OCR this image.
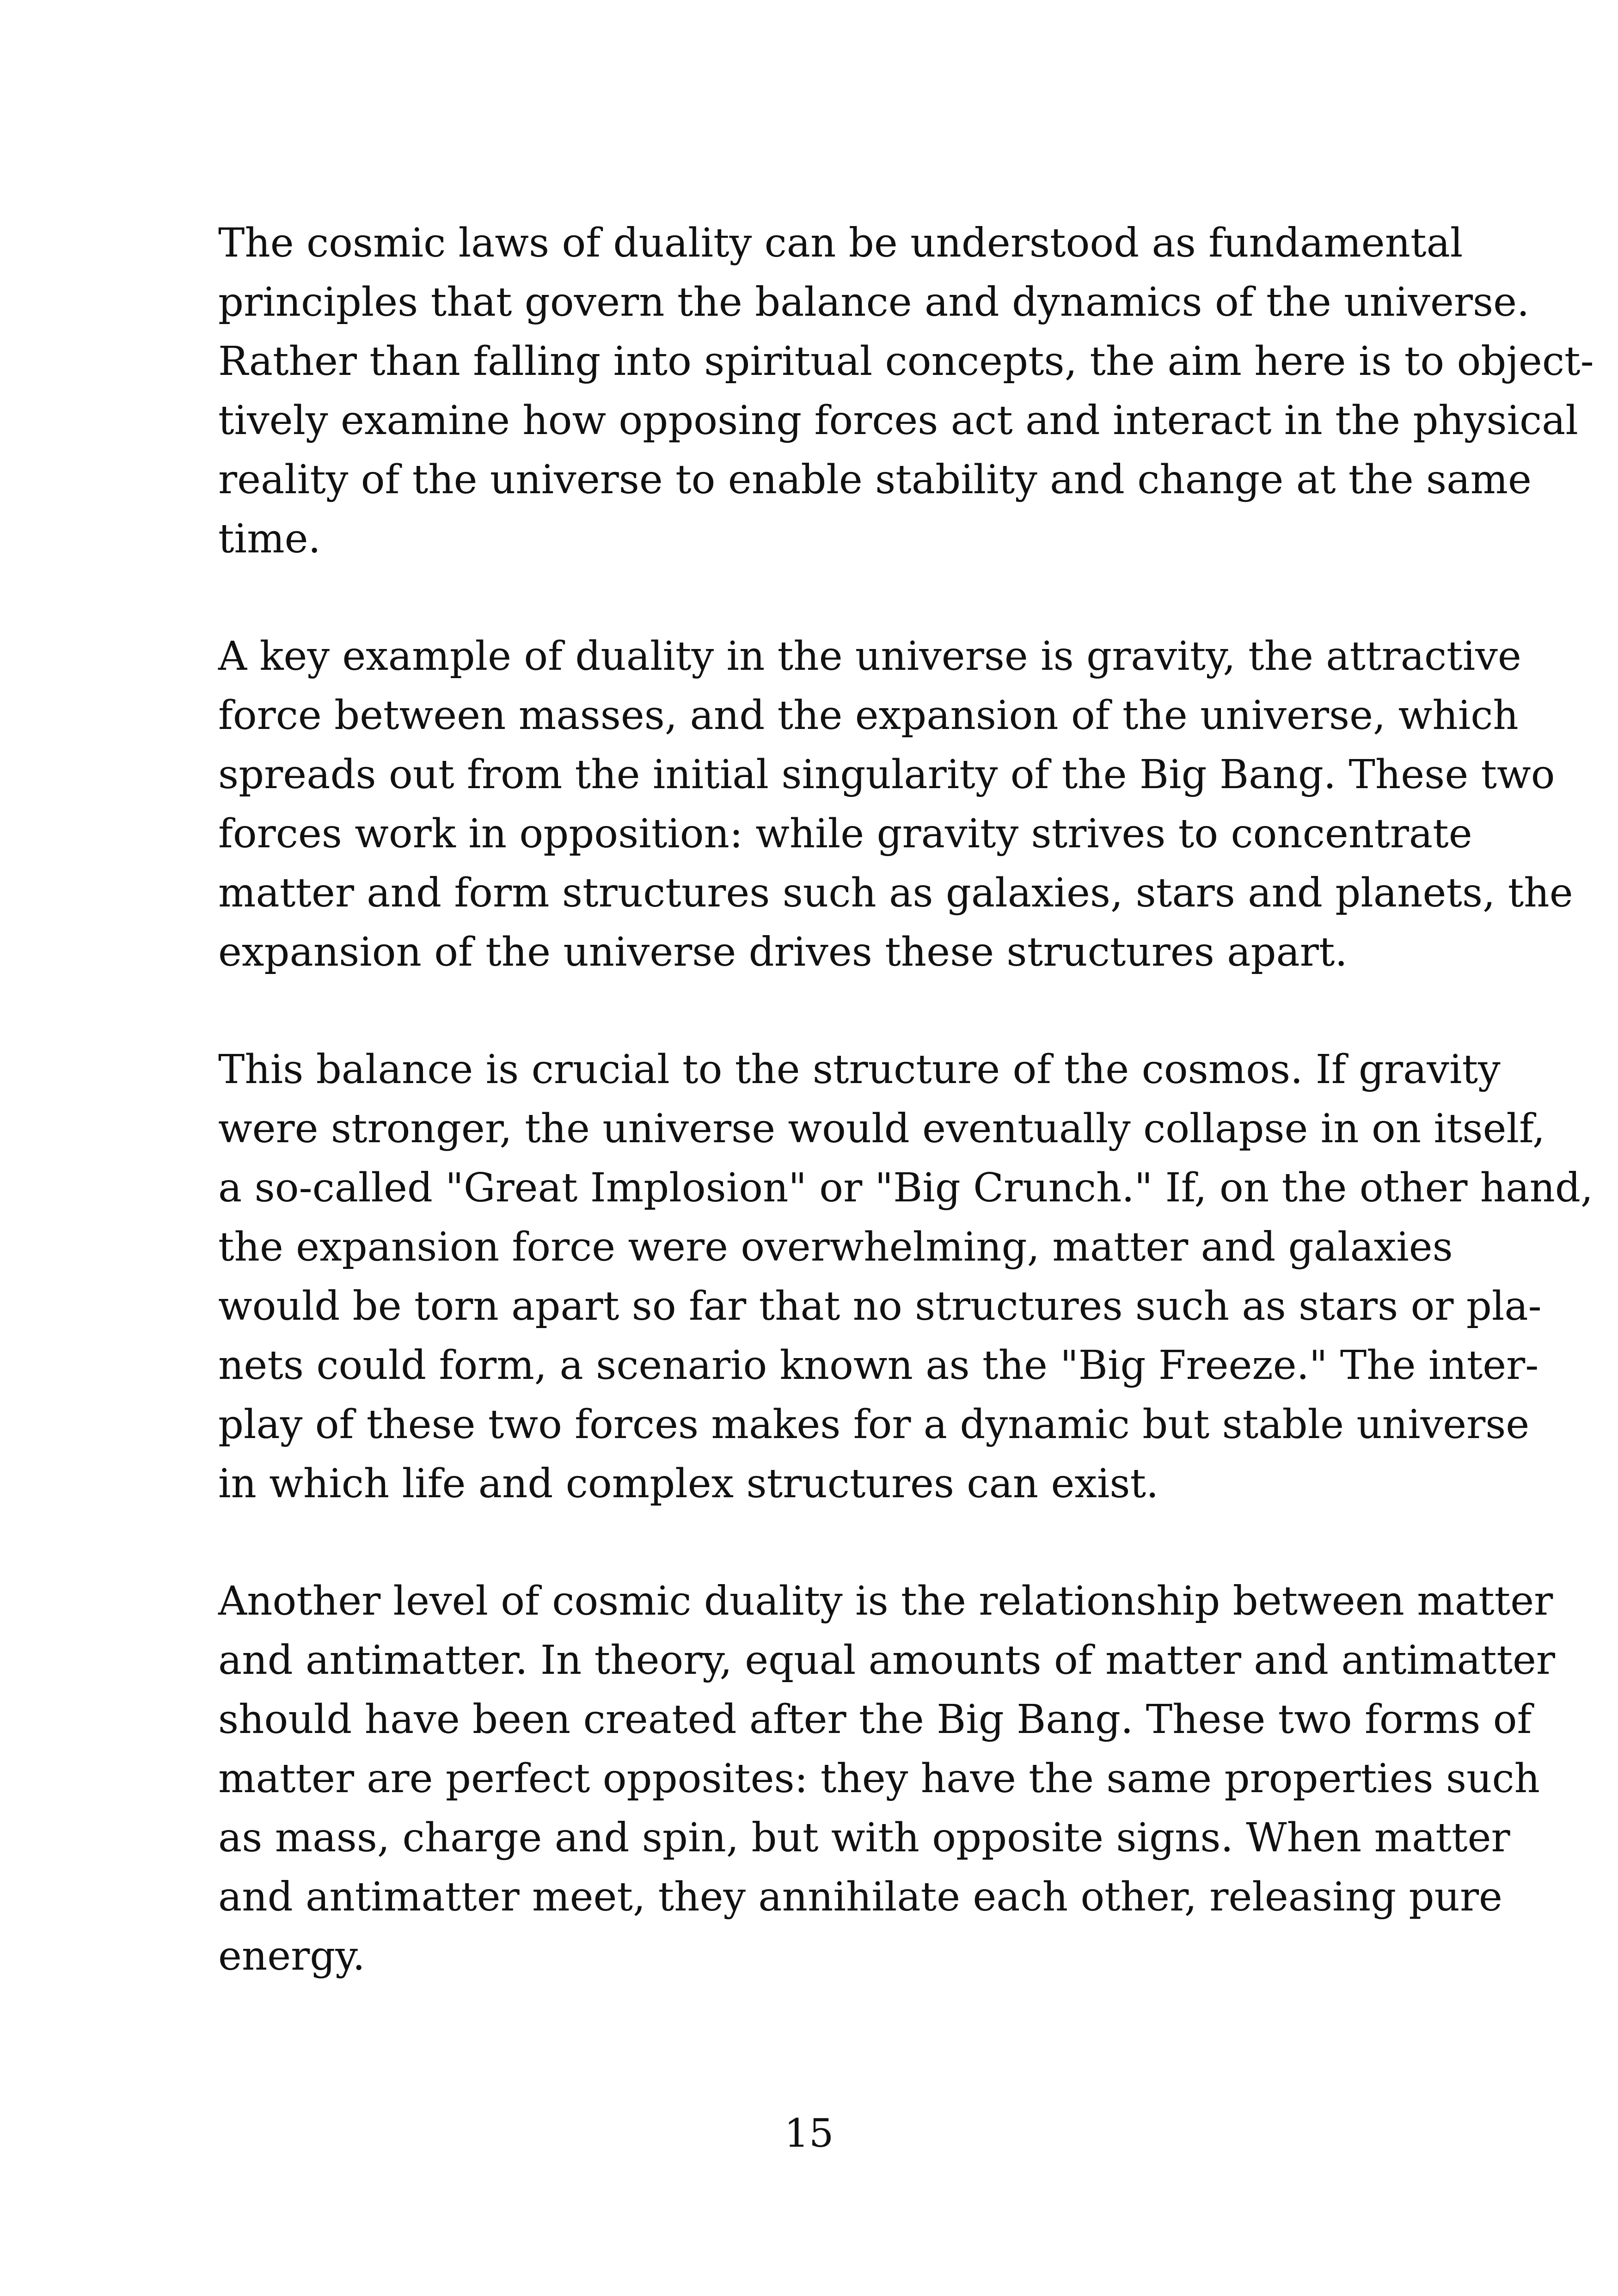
The cosmic laws of duality can be understood as fundamental
principles that govern the balance and dynamics of the universe.
Rather than falling into spiritual concepts, the aim here is to object-
tively examine how opposing forces act and interact in the physical
reality of the universe to enable stability and change at the same
time.

A key example of duality in the universe is gravity, the attractive
force between masses, and the expansion of the universe, which
spreads out from the initial singularity of the Big Bang. These two
forces work in opposition: while gravity strives to concentrate
matter and form structures such as galaxies, stars and planets, the
expansion of the universe drives these structures apart.

This balance is crucial to the structure of the cosmos. If gravity
were stronger, the universe would eventually collapse in on itself,
a so-called "Great Implosion" or "Big Crunch." If, on the other hand,
the expansion force were overwhelming, matter and galaxies
would be torn apart so far that no structures such as stars or pla-
nets could form, a scenario known as the "Big Freeze." The inter-
play of these two forces makes for a dynamic but stable universe
in which life and complex structures can exist.

Another level of cosmic duality is the relationship between matter
and antimatter. In theory, equal amounts of matter and antimatter
should have been created after the Big Bang. These two forms of
matter are perfect opposites: they have the same properties such
as mass, charge and spin, but with opposite signs. When matter
and antimatter meet, they annihilate each other, releasing pure
energy.

15
